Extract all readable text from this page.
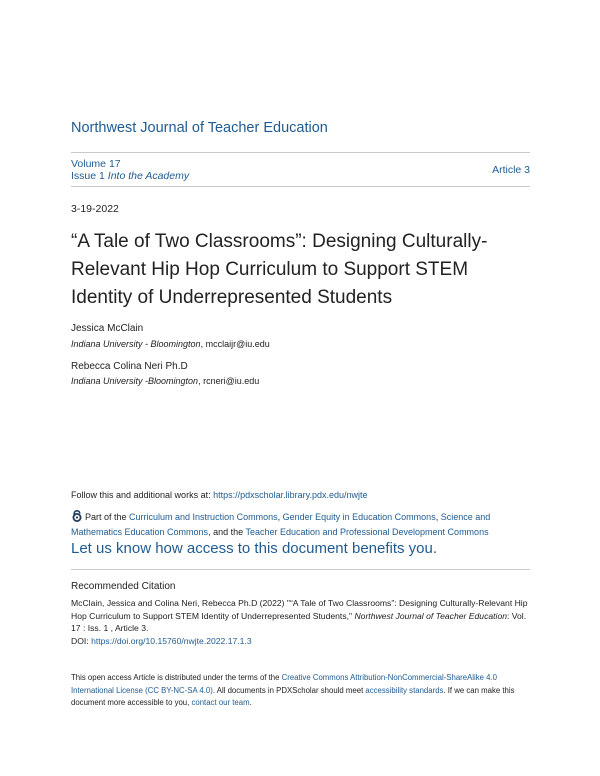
Northwest Journal of Teacher Education
Volume 17
Issue 1 Into the Academy	Article 3
3-19-2022
“A Tale of Two Classrooms”: Designing Culturally-Relevant Hip Hop Curriculum to Support STEM Identity of Underrepresented Students
Jessica McClain
Indiana University - Bloomington, mcclaijr@iu.edu
Rebecca Colina Neri Ph.D
Indiana University -Bloomington, rcneri@iu.edu
Follow this and additional works at: https://pdxscholar.library.pdx.edu/nwjte
Part of the Curriculum and Instruction Commons, Gender Equity in Education Commons, Science and Mathematics Education Commons, and the Teacher Education and Professional Development Commons
Let us know how access to this document benefits you.
Recommended Citation
McClain, Jessica and Colina Neri, Rebecca Ph.D (2022) "“A Tale of Two Classrooms”: Designing Culturally-Relevant Hip Hop Curriculum to Support STEM Identity of Underrepresented Students," Northwest Journal of Teacher Education: Vol. 17 : Iss. 1 , Article 3.
DOI: https://doi.org/10.15760/nwjte.2022.17.1.3
This open access Article is distributed under the terms of the Creative Commons Attribution-NonCommercial-ShareAlike 4.0 International License (CC BY-NC-SA 4.0). All documents in PDXScholar should meet accessibility standards. If we can make this document more accessible to you, contact our team.
